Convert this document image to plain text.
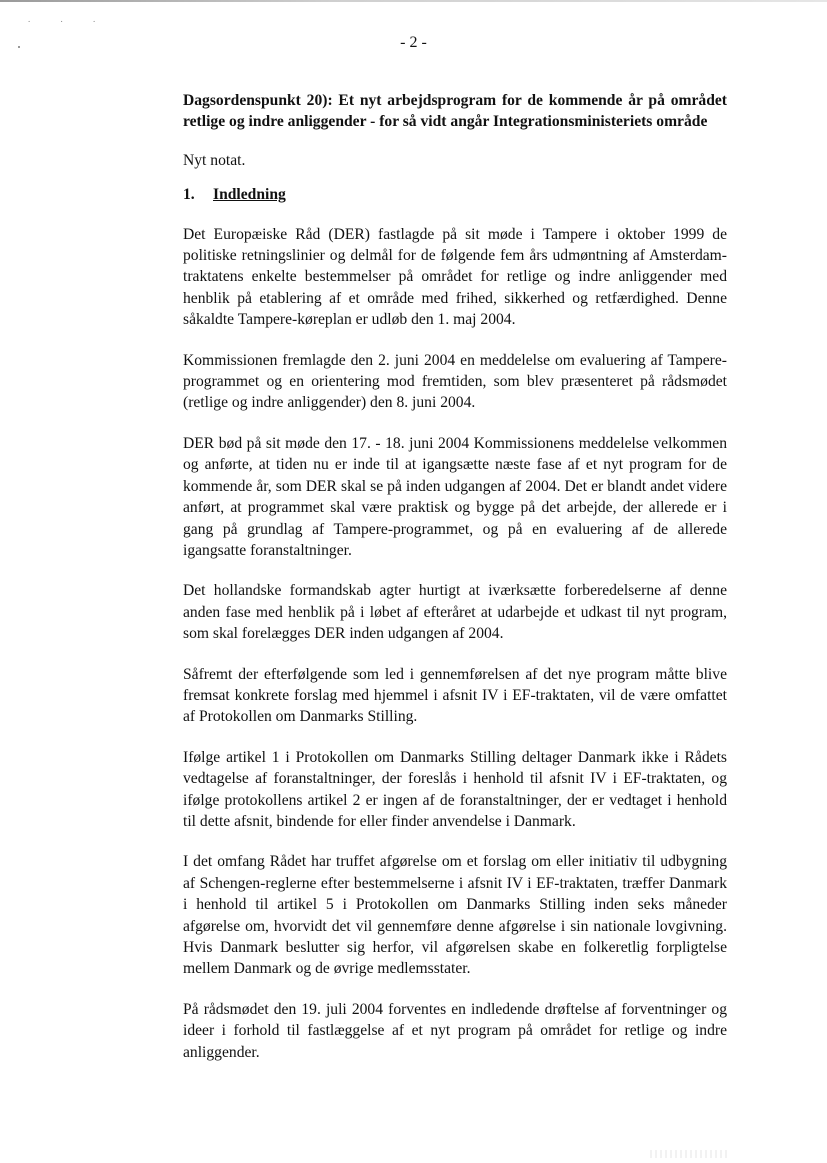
. . .
- 2 -

Dagsordenspunkt 20): Et nyt arbejdsprogram for de kommende år på området retlige og indre anliggender - for så vidt angår Integrationsministeriets område

Nyt notat.

1. Indledning

Det Europæiske Råd (DER) fastlagde på sit møde i Tampere i oktober 1999 de politiske retningslinier og delmål for de følgende fem års udmøntning af Amsterdam-traktatens enkelte bestemmelser på området for retlige og indre anliggender med henblik på etablering af et område med frihed, sikkerhed og retfærdighed. Denne såkaldte Tampere-køreplan er udløb den 1. maj 2004.

Kommissionen fremlagde den 2. juni 2004 en meddelelse om evaluering af Tampere-programmet og en orientering mod fremtiden, som blev præsenteret på rådsmødet (retlige og indre anliggender) den 8. juni 2004.

DER bød på sit møde den 17. - 18. juni 2004 Kommissionens meddelelse velkommen og anførte, at tiden nu er inde til at igangsætte næste fase af et nyt program for de kommende år, som DER skal se på inden udgangen af 2004. Det er blandt andet videre anført, at programmet skal være praktisk og bygge på det arbejde, der allerede er i gang på grundlag af Tampere-programmet, og på en evaluering af de allerede igangsatte foranstaltninger.

Det hollandske formandskab agter hurtigt at iværksætte forberedelserne af denne anden fase med henblik på i løbet af efteråret at udarbejde et udkast til nyt program, som skal forelægges DER inden udgangen af 2004.

Såfremt der efterfølgende som led i gennemførelsen af det nye program måtte blive fremsat konkrete forslag med hjemmel i afsnit IV i EF-traktaten, vil de være omfattet af Protokollen om Danmarks Stilling.

Ifølge artikel 1 i Protokollen om Danmarks Stilling deltager Danmark ikke i Rådets vedtagelse af foranstaltninger, der foreslås i henhold til afsnit IV i EF-traktaten, og ifølge protokollens artikel 2 er ingen af de foranstaltninger, der er vedtaget i henhold til dette afsnit, bindende for eller finder anvendelse i Danmark.

I det omfang Rådet har truffet afgørelse om et forslag om eller initiativ til udbygning af Schengen-reglerne efter bestemmelserne i afsnit IV i EF-traktaten, træffer Danmark i henhold til artikel 5 i Protokollen om Danmarks Stilling inden seks måneder afgørelse om, hvorvidt det vil gennemføre denne afgørelse i sin nationale lovgivning. Hvis Danmark beslutter sig herfor, vil afgørelsen skabe en folkeretlig forpligtelse mellem Danmark og de øvrige medlemsstater.

På rådsmødet den 19. juli 2004 forventes en indledende drøftelse af forventninger og ideer i forhold til fastlæggelse af et nyt program på området for retlige og indre anliggender.
